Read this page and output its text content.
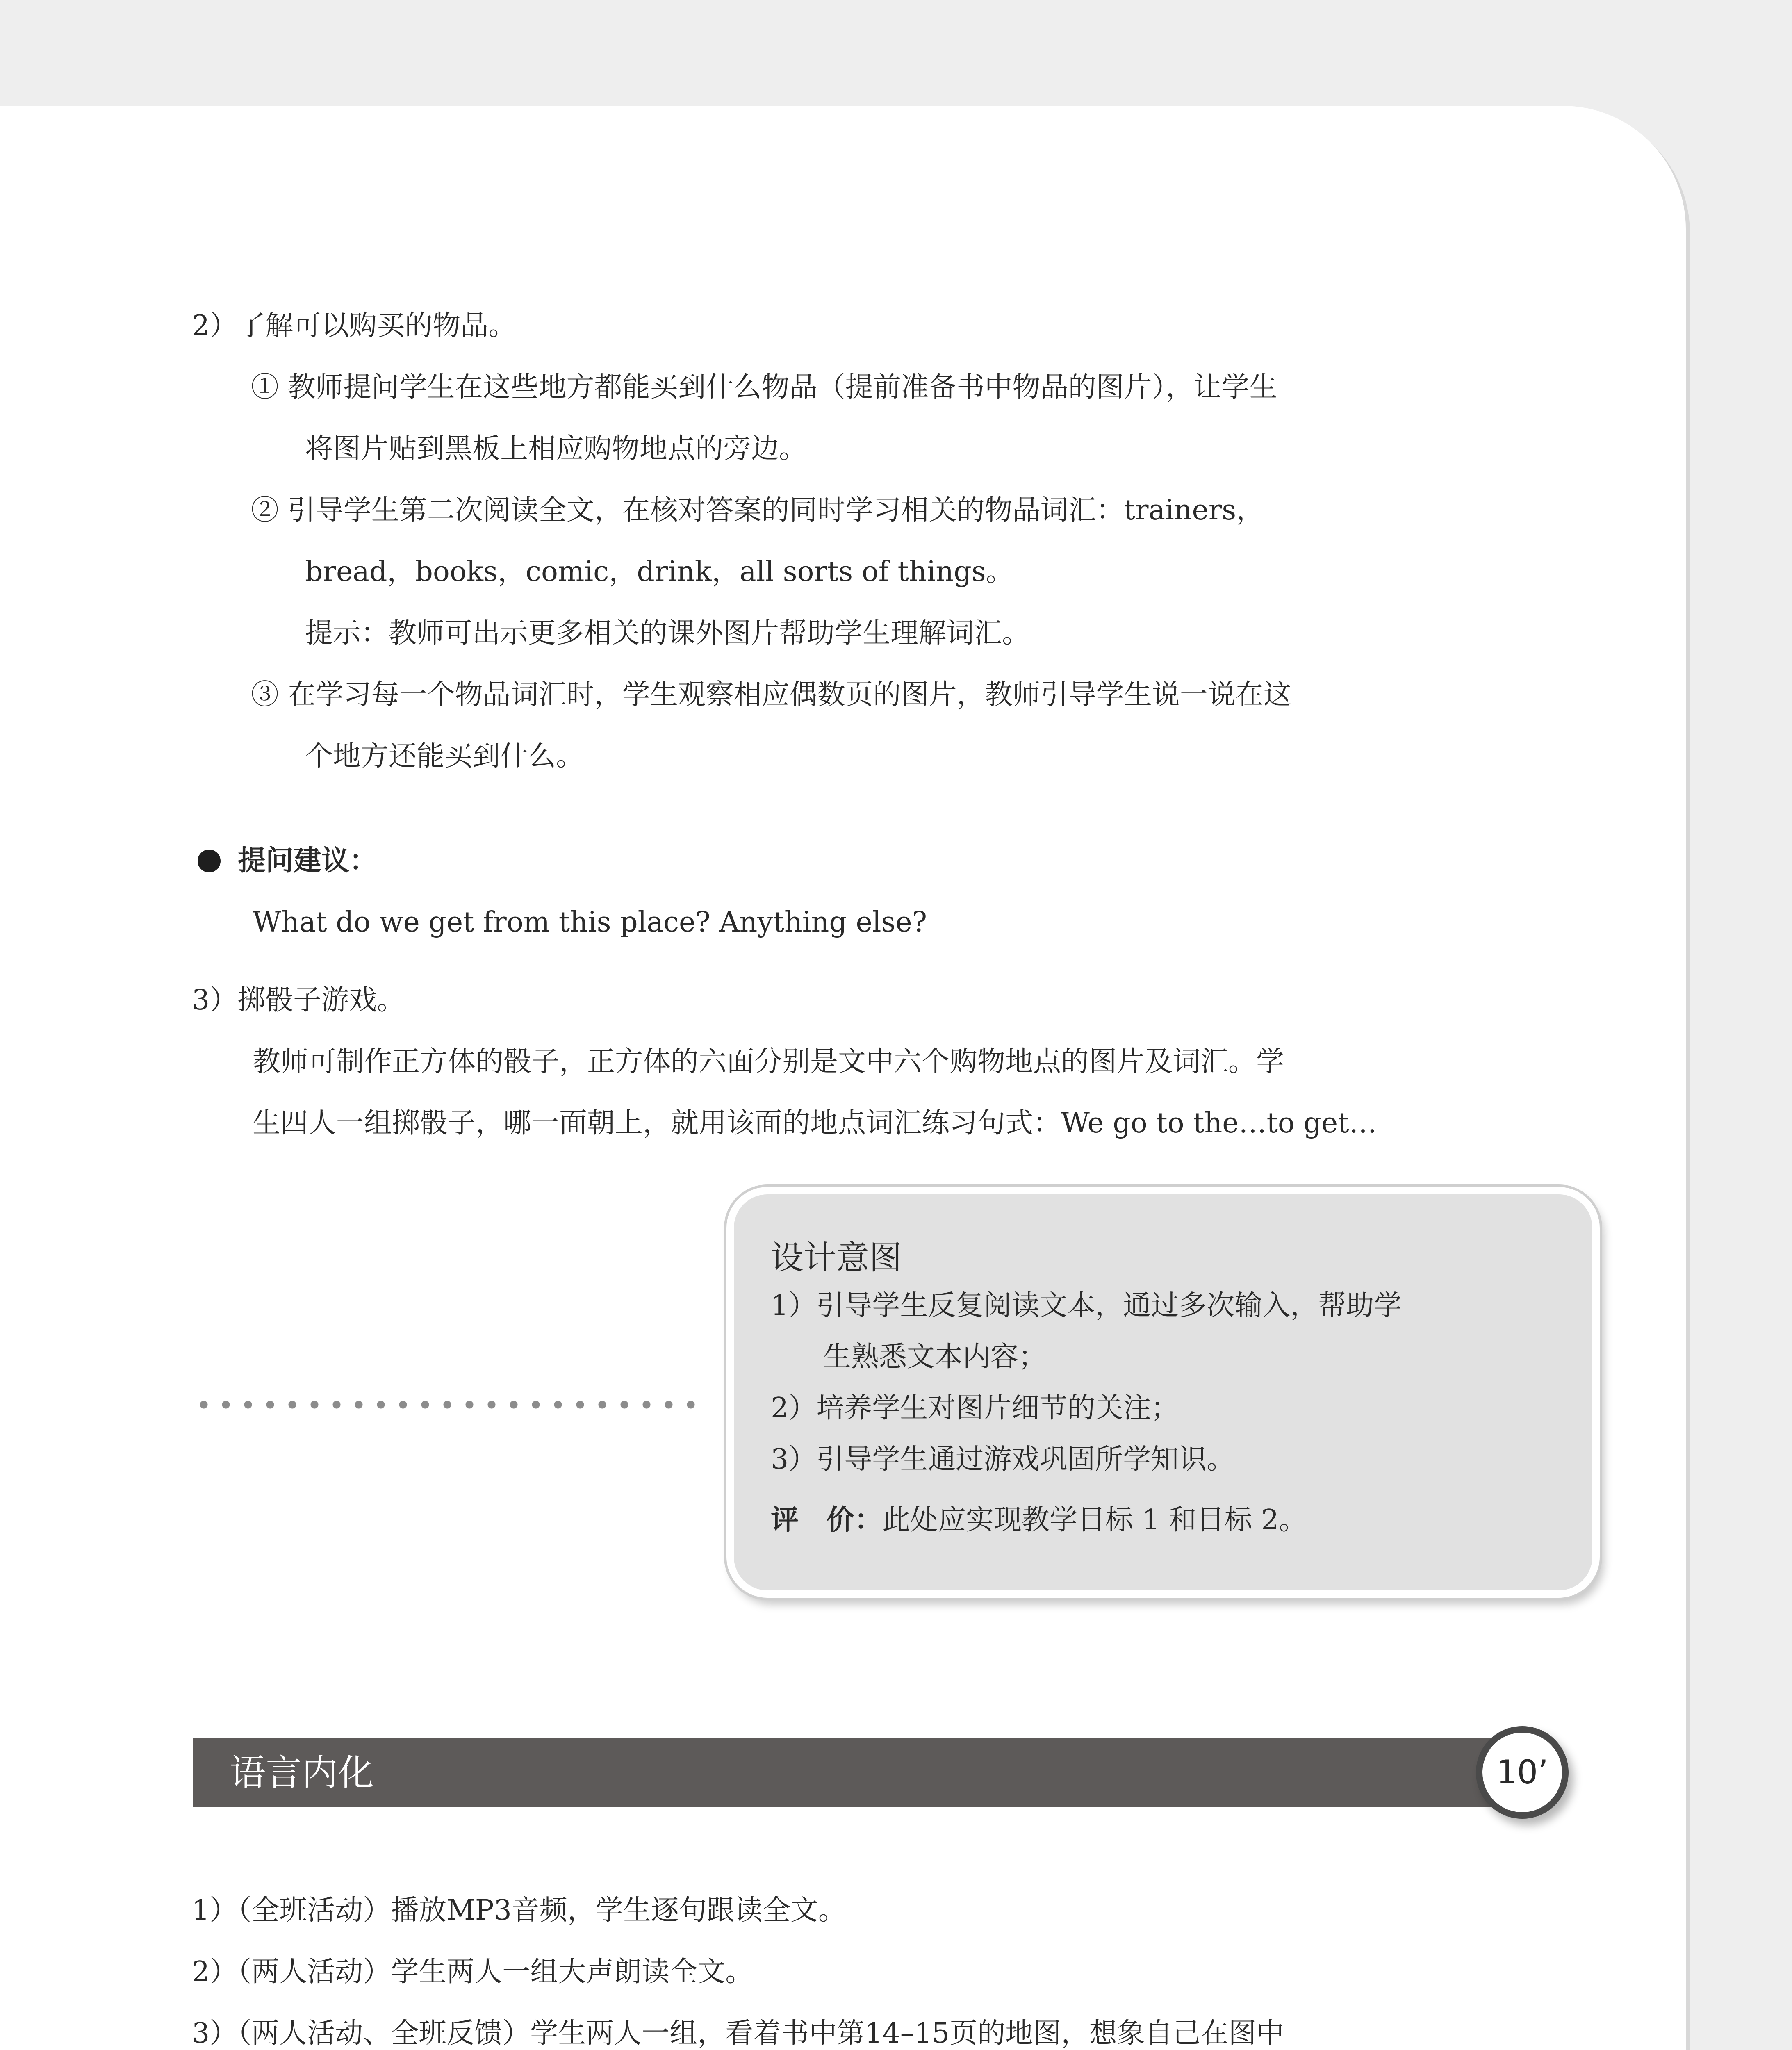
2）了解可以购买的物品。
① 教师提问学生在这些地方都能买到什么物品（提前准备书中物品的图片），让学生
将图片贴到黑板上相应购物地点的旁边。
② 引导学生第二次阅读全文，在核对答案的同时学习相关的物品词汇：trainers，
bread，books，comic，drink，all sorts of things。
提示：教师可出示更多相关的课外图片帮助学生理解词汇。
③ 在学习每一个物品词汇时，学生观察相应偶数页的图片，教师引导学生说一说在这
个地方还能买到什么。
提问建议：
What do we get from this place? Anything else?
3）掷骰子游戏。
教师可制作正方体的骰子，正方体的六面分别是文中六个购物地点的图片及词汇。学
生四人一组掷骰子，哪一面朝上，就用该面的地点词汇练习句式：We go to the…to get…
设计意图
1）引导学生反复阅读文本，通过多次输入，帮助学
生熟悉文本内容；
2）培养学生对图片细节的关注；
3）引导学生通过游戏巩固所学知识。
评　价：此处应实现教学目标 1 和目标 2。
语言内化	10’
1）（全班活动）播放MP3音频，学生逐句跟读全文。
2）（两人活动）学生两人一组大声朗读全文。
3）（两人活动、全班反馈）学生两人一组，看着书中第14–15页的地图，想象自己在图中
